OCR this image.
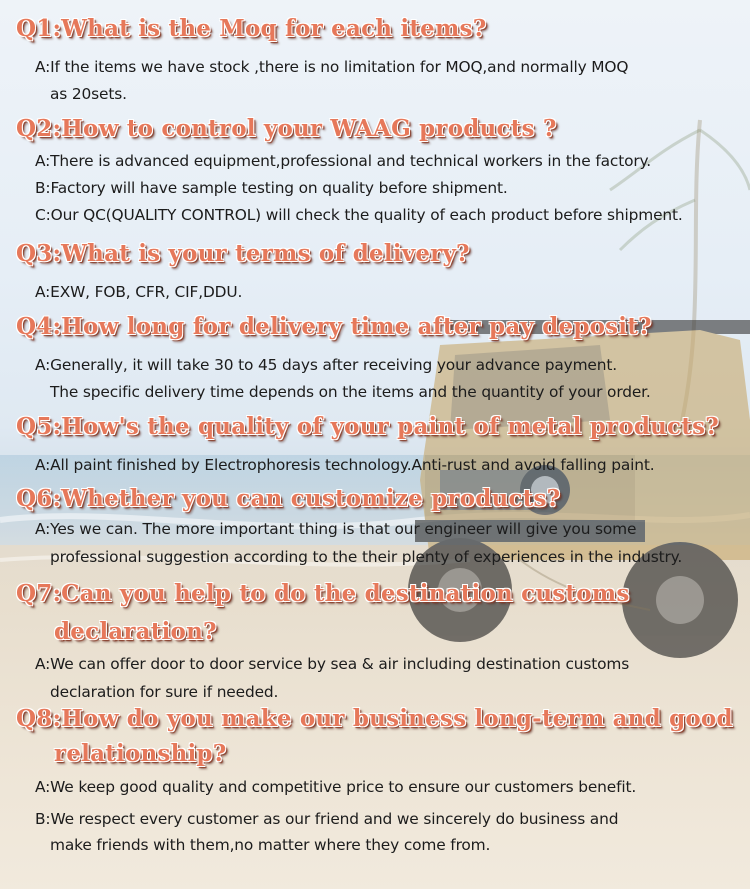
Q1:What is the Moq for each items?

A:If the items we have stock ,there is no limitation for MOQ,and normally MOQ

as 20sets.

Q2:How to control your WAAG products ?

A:There is advanced equipment,professional and technical workers in the factory.

B:Factory will have sample testing on quality before shipment.

C:Our QC(QUALITY CONTROL) will check the quality of each product before shipment.

Q3:What is your terms of delivery?

A:EXW, FOB, CFR, CIF,DDU.

Q4:How long for delivery time after pay deposit?

A:Generally, it will take 30 to 45 days after receiving your advance payment.

The specific delivery time depends on the items and the quantity of your order.

Q5:How's the quality of your paint of metal products?

A:All paint finished by Electrophoresis technology.Anti-rust and avoid falling paint.

Q6:Whether you can customize products?

A:Yes we can. The more important thing is that our engineer will give you some

professional suggestion according to the their plenty of experiences in the industry.

Q7:Can you help to do the destination customs
declaration?

A:We can offer door to door service by sea & air including destination customs

declaration for sure if needed.

Q8:How do you make our business long-term and good
relationship?

A:We keep good quality and competitive price to ensure our customers benefit.

B:We respect every customer as our friend and we sincerely do business and

make friends with them,no matter where they come from.
